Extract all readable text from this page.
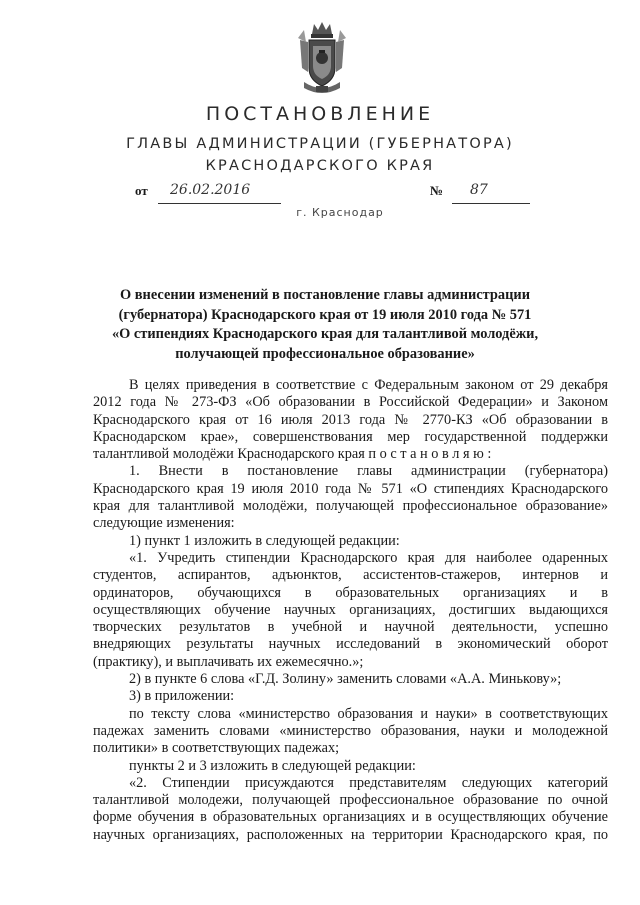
ПОСТАНОВЛЕНИЕ
ГЛАВЫ АДМИНИСТРАЦИИ (ГУБЕРНАТОРА)
КРАСНОДАРСКОГО КРАЯ
от 26.02.2016	№ 87
г. Краснодар
О внесении изменений в постановление главы администрации
(губернатора) Краснодарского края от 19 июля 2010 года № 571
«О стипендиях Краснодарского края для талантливой молодёжи,
получающей профессиональное образование»
В целях приведения в соответствие с Федеральным законом от 29 декабря
2012 года № 273-ФЗ «Об образовании в Российской Федерации» и Законом
Краснодарского края от 16 июля 2013 года № 2770-КЗ «Об образовании в
Краснодарском крае», совершенствования мер государственной поддержки
талантливой молодёжи Краснодарского края п о с т а н о в л я ю :
1. Внести в постановление главы администрации (губернатора)
Краснодарского края 19 июля 2010 года № 571 «О стипендиях Краснодарского
края для талантливой молодёжи, получающей профессиональное образование»
следующие изменения:
1) пункт 1 изложить в следующей редакции:
«1. Учредить стипендии Краснодарского края для наиболее одаренных
студентов, аспирантов, адъюнктов, ассистентов-стажеров, интернов и
ординаторов, обучающихся в образовательных организациях и в
осуществляющих обучение научных организациях, достигших выдающихся
творческих результатов в учебной и научной деятельности, успешно
внедряющих результаты научных исследований в экономический оборот
(практику), и выплачивать их ежемесячно.»;
2) в пункте 6 слова «Г.Д. Золину» заменить словами «А.А. Минькову»;
3) в приложении:
по тексту слова «министерство образования и науки» в соответствующих
падежах заменить словами «министерство образования, науки и молодежной
политики» в соответствующих падежах;
пункты 2 и 3 изложить в следующей редакции:
«2. Стипендии присуждаются представителям следующих категорий
талантливой молодежи, получающей профессиональное образование по очной
форме обучения в образовательных организациях и в осуществляющих обучение
научных организациях, расположенных на территории Краснодарского края, по
